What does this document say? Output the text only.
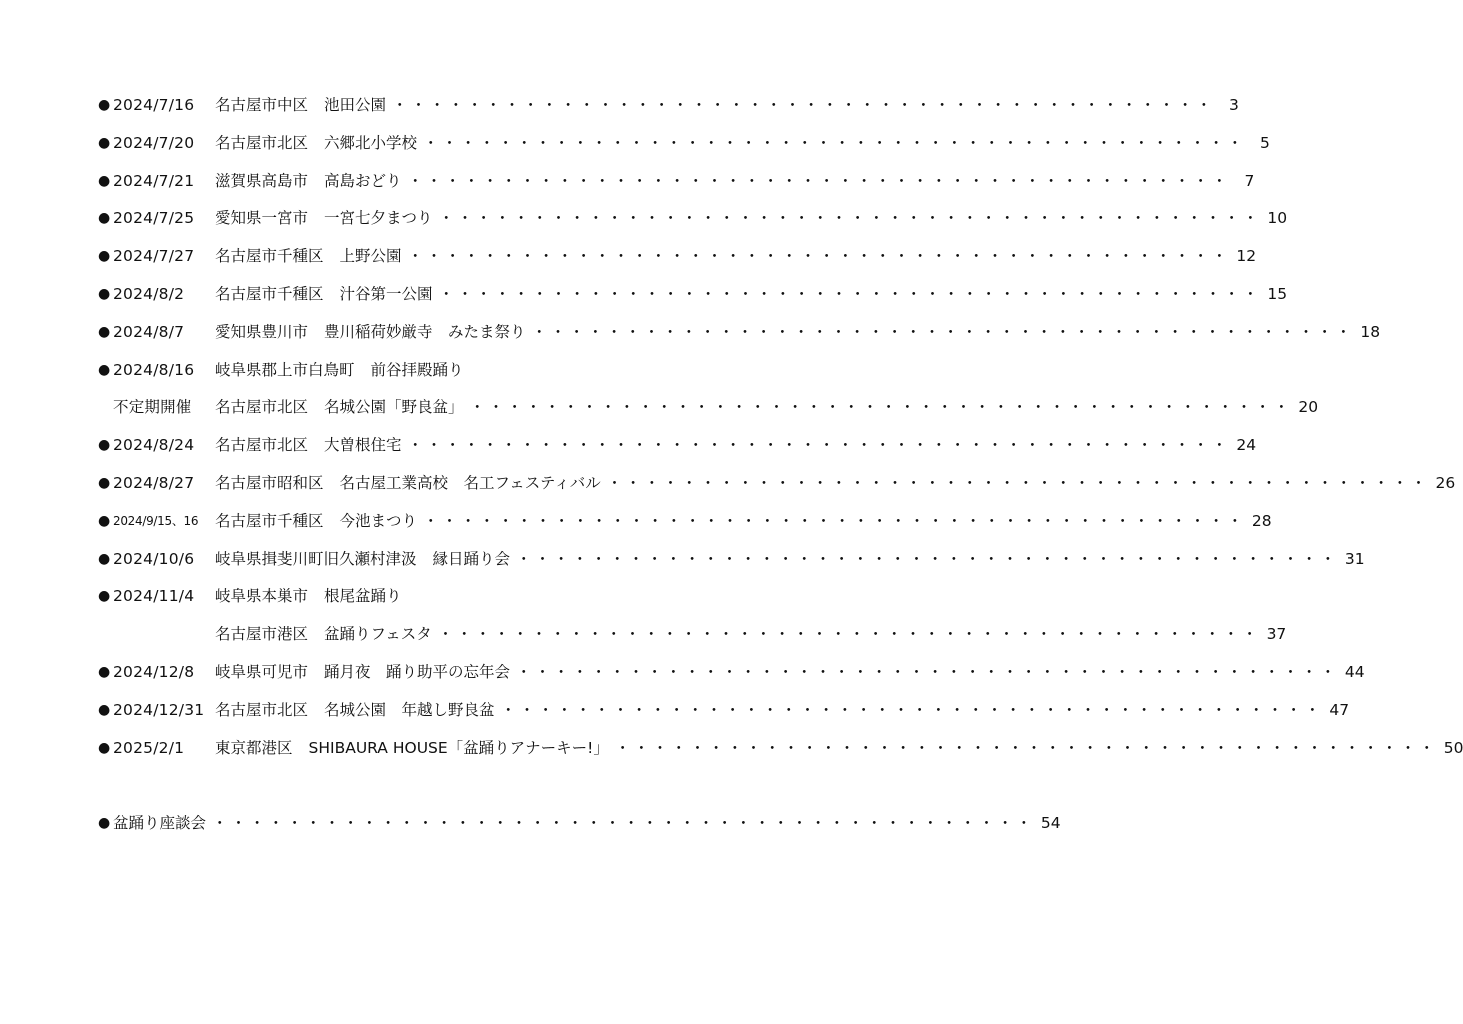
● 2024/7/16	名古屋市中区 池田公園 ・・・・・・・・・・・・・・・・・・・・・・・・・・・・・・・・・・・・・・・・・・・・ 3
● 2024/7/20	名古屋市北区 六郷北小学校 ・・・・・・・・・・・・・・・・・・・・・・・・・・・・・・・・・・・・・・・・・・・・ 5
● 2024/7/21	滋賀県高島市 高島おどり ・・・・・・・・・・・・・・・・・・・・・・・・・・・・・・・・・・・・・・・・・・・・ 7
● 2024/7/25	愛知県一宮市 一宮七夕まつり ・・・・・・・・・・・・・・・・・・・・・・・・・・・・・・・・・・・・・・・・・・・・ 10
● 2024/7/27	名古屋市千種区 上野公園 ・・・・・・・・・・・・・・・・・・・・・・・・・・・・・・・・・・・・・・・・・・・・ 12
● 2024/8/2	名古屋市千種区 汁谷第一公園 ・・・・・・・・・・・・・・・・・・・・・・・・・・・・・・・・・・・・・・・・・・・・ 15
● 2024/8/7	愛知県豊川市 豊川稲荷妙厳寺　みたま祭り ・・・・・・・・・・・・・・・・・・・・・・・・・・・・・・・・・・・・・・・・・・・・ 18
● 2024/8/16	岐阜県郡上市白鳥町 前谷拝殿踊り
不定期開催	名古屋市北区 名城公園「野良盆」 ・・・・・・・・・・・・・・・・・・・・・・・・・・・・・・・・・・・・・・・・・・・・ 20
● 2024/8/24	名古屋市北区 大曽根住宅 ・・・・・・・・・・・・・・・・・・・・・・・・・・・・・・・・・・・・・・・・・・・・ 24
● 2024/8/27	名古屋市昭和区 名古屋工業高校　名工フェスティバル ・・・・・・・・・・・・・・・・・・・・・・・・・・・・・・・・・・・・・・・・・・・・ 26
● 2024/9/15、16	名古屋市千種区 今池まつり ・・・・・・・・・・・・・・・・・・・・・・・・・・・・・・・・・・・・・・・・・・・・ 28
● 2024/10/6	岐阜県揖斐川町旧久瀬村津汲 縁日踊り会 ・・・・・・・・・・・・・・・・・・・・・・・・・・・・・・・・・・・・・・・・・・・・ 31
● 2024/11/4	岐阜県本巣市 根尾盆踊り
名古屋市港区 盆踊りフェスタ ・・・・・・・・・・・・・・・・・・・・・・・・・・・・・・・・・・・・・・・・・・・・ 37
● 2024/12/8	岐阜県可児市 踊月夜　踊り助平の忘年会 ・・・・・・・・・・・・・・・・・・・・・・・・・・・・・・・・・・・・・・・・・・・・ 44
● 2024/12/31 名古屋市北区 名城公園　年越し野良盆 ・・・・・・・・・・・・・・・・・・・・・・・・・・・・・・・・・・・・・・・・・・・・ 47
● 2025/2/1	東京都港区 SHIBAURA HOUSE「盆踊りアナーキー!」 ・・・・・・・・・・・・・・・・・・・・・・・・・・・・・・・・・・・・・・・・・・・・ 50
● 盆踊り座談会 ・・・・・・・・・・・・・・・・・・・・・・・・・・・・・・・・・・・・・・・・・・・・ 54
